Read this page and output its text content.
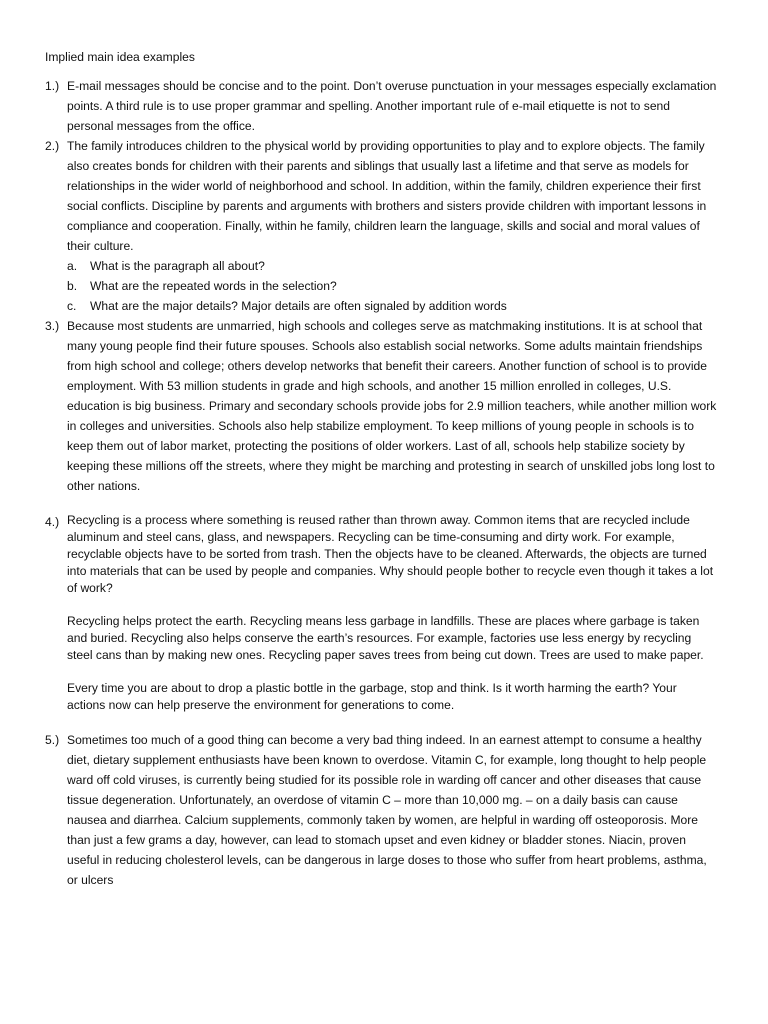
Implied main idea examples
1.) E-mail messages should be concise and to the point. Don’t overuse punctuation in your messages especially exclamation points. A third rule is to use proper grammar and spelling. Another important rule of e-mail etiquette is not to send personal messages from the office.

2.) The family introduces children to the physical world by providing opportunities to play and to explore objects. The family also creates bonds for children with their parents and siblings that usually last a lifetime and that serve as models for relationships in the wider world of neighborhood and school. In addition, within the family, children experience their first social conflicts. Discipline by parents and arguments with brothers and sisters provide children with important lessons in compliance and cooperation. Finally, within he family, children learn the language, skills and social and moral values of their culture.

a.	What is the paragraph all about?
b.	What are the repeated words in the selection?
c.	What are the major details? Major details are often signaled by addition words
3.) Because most students are unmarried, high schools and colleges serve as matchmaking institutions. It is at school that many young people find their future spouses. Schools also establish social networks. Some adults maintain friendships from high school and college; others develop networks that benefit their careers. Another function of school is to provide employment. With 53 million students in grade and high schools, and another 15 million enrolled in colleges, U.S. education is big business. Primary and secondary schools provide jobs for 2.9 million teachers, while another million work in colleges and universities. Schools also help stabilize employment. To keep millions of young people in schools is to keep them out of labor market, protecting the positions of older workers. Last of all, schools help stabilize society by keeping these millions off the streets, where they might be marching and protesting in search of unskilled jobs long lost to other nations.

4.) Recycling is a process where something is reused rather than thrown away. Common items that are recycled include aluminum and steel cans, glass, and newspapers. Recycling can be time-consuming and dirty work. For example, recyclable objects have to be sorted from trash. Then the objects have to be cleaned. Afterwards, the objects are turned into materials that can be used by people and companies. Why should people bother to recycle even though it takes a lot of work?

Recycling helps protect the earth. Recycling means less garbage in landfills. These are places where garbage is taken and buried. Recycling also helps conserve the earth’s resources. For example, factories use less energy by recycling steel cans than by making new ones. Recycling paper saves trees from being cut down. Trees are used to make paper.

Every time you are about to drop a plastic bottle in the garbage, stop and think. Is it worth harming the earth? Your actions now can help preserve the environment for generations to come.

5.) Sometimes too much of a good thing can become a very bad thing indeed. In an earnest attempt to consume a healthy diet, dietary supplement enthusiasts have been known to overdose. Vitamin C, for example, long thought to help people ward off cold viruses, is currently being studied for its possible role in warding off cancer and other diseases that cause tissue degeneration. Unfortunately, an overdose of vitamin C – more than 10,000 mg. – on a daily basis can cause nausea and diarrhea. Calcium supplements, commonly taken by women, are helpful in warding off osteoporosis. More than just a few grams a day, however, can lead to stomach upset and even kidney or bladder stones. Niacin, proven useful in reducing cholesterol levels, can be dangerous in large doses to those who suffer from heart problems, asthma, or ulcers
